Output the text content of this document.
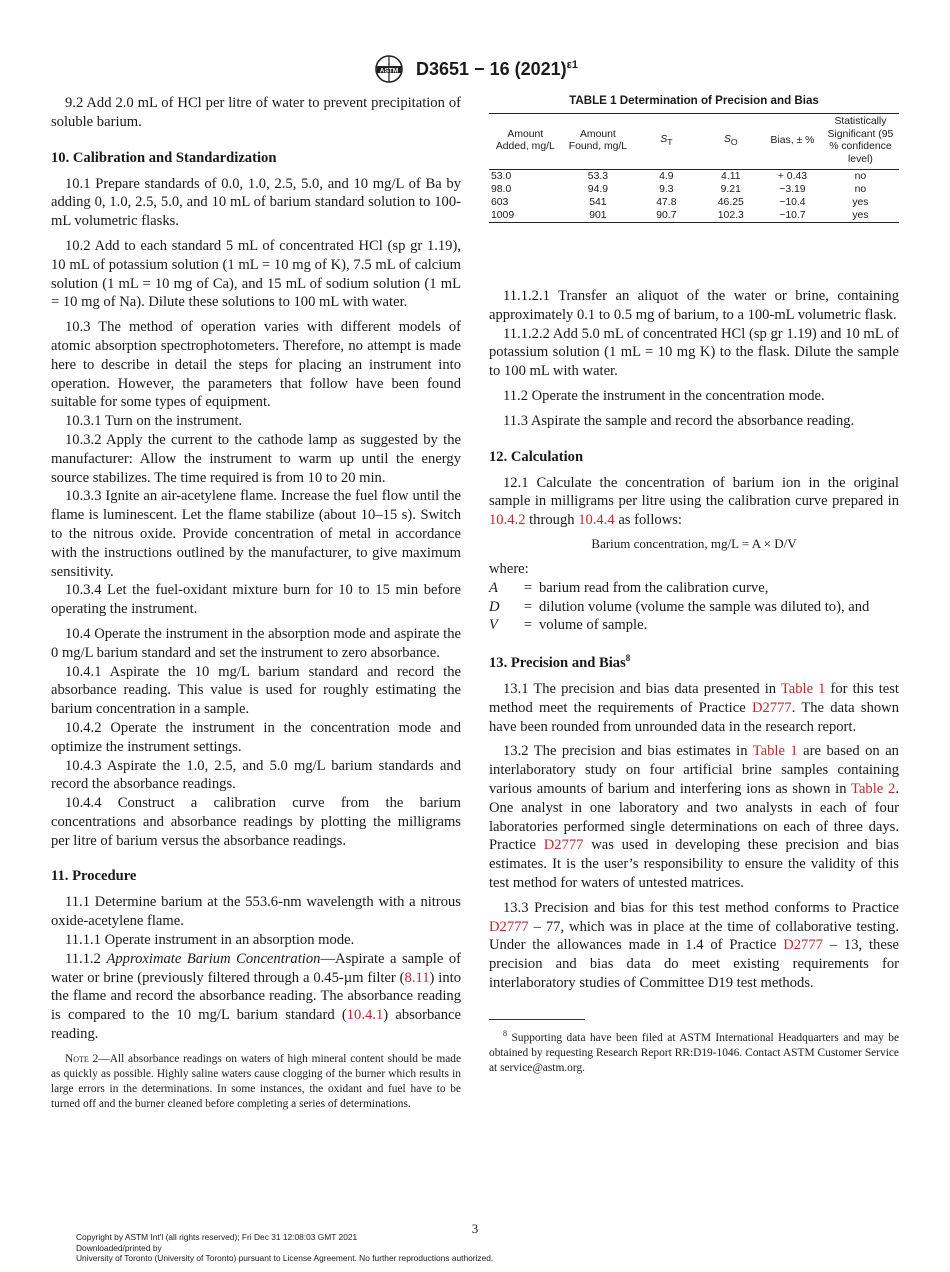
ASTM D3651 − 16 $(2021)^{\varepsilon 1}$

9.2 Add 2.0 mL of HCl per litre of water to prevent precipitation of soluble barium.

10. Calibration and Standardization

10.1 Prepare standards of 0.0, 1.0, 2.5, 5.0, and 10 mg/L of Ba by adding 0, 1.0, 2.5, 5.0, and 10 mL of barium standard solution to 100-mL volumetric flasks.

10.2 Add to each standard 5 mL of concentrated HCl (sp gr 1.19), 10 mL of potassium solution (1 mL = 10 mg of K), 7.5 mL of calcium solution (1 mL = 10 mg of Ca), and 15 mL of sodium solution (1 mL = 10 mg of Na). Dilute these solutions to 100 mL with water.

10.3 The method of operation varies with different models of atomic absorption spectrophotometers. Therefore, no attempt is made here to describe in detail the steps for placing an instrument into operation. However, the parameters that follow have been found suitable for some types of equipment.

10.3.1 Turn on the instrument.

10.3.2 Apply the current to the cathode lamp as suggested by the manufacturer: Allow the instrument to warm up until the energy source stabilizes. The time required is from 10 to 20 min.

10.3.3 Ignite an air-acetylene flame. Increase the fuel flow until the flame is luminescent. Let the flame stabilize (about 10–15 s). Switch to the nitrous oxide. Provide concentration of metal in accordance with the instructions outlined by the manufacturer, to give maximum sensitivity.

10.3.4 Let the fuel-oxidant mixture burn for 10 to 15 min before operating the instrument.

10.4 Operate the instrument in the absorption mode and aspirate the 0 mg/L barium standard and set the instrument to zero absorbance.

10.4.1 Aspirate the 10 mg/L barium standard and record the absorbance reading. This value is used for roughly estimating the barium concentration in a sample.

10.4.2 Operate the instrument in the concentration mode and optimize the instrument settings.

10.4.3 Aspirate the 1.0, 2.5, and 5.0 mg/L barium standards and record the absorbance readings.

10.4.4 Construct a calibration curve from the barium concentrations and absorbance readings by plotting the milligrams per litre of barium versus the absorbance readings.

11. Procedure

11.1 Determine barium at the 553.6-nm wavelength with a nitrous oxide-acetylene flame.

11.1.1 Operate instrument in an absorption mode.

11.1.2 Approximate Barium Concentration—Aspirate a sample of water or brine (previously filtered through a 0.45-µm filter (8.11) into the flame and record the absorbance reading. The absorbance reading is compared to the 10 mg/L barium standard (10.4.1) absorbance reading.

Note 2—All absorbance readings on waters of high mineral content should be made as quickly as possible. Highly saline waters cause clogging of the burner which results in large errors in the determinations. In some instances, the oxidant and fuel have to be turned off and the burner cleaned before completing a series of determinations.
TABLE 1 Determination of Precision and Bias
Amount Added, mg/L	Amount Found, mg/L	$S_T$	$S_O$	Bias, ± %	Statistically Significant (95 % confidence level)
53.0	53.3	4.9	4.11	+ 0.43	no
98.0	94.9	9.3	9.21	−3.19	no
603	541	47.8	46.25	−10.4	yes
1009	901	90.7	102.3	−10.7	yes

11.1.2.1 Transfer an aliquot of the water or brine, containing approximately 0.1 to 0.5 mg of barium, to a 100-mL volumetric flask.

11.1.2.2 Add 5.0 mL of concentrated HCl (sp gr 1.19) and 10 mL of potassium solution (1 mL = 10 mg K) to the flask. Dilute the sample to 100 mL with water.

11.2 Operate the instrument in the concentration mode.

11.3 Aspirate the sample and record the absorbance reading.

12. Calculation

12.1 Calculate the concentration of barium ion in the original sample in milligrams per litre using the calibration curve prepared in 10.4.2 through 10.4.4 as follows:

Barium concentration, mg/L = A × D/V
where:
A	= barium read from the calibration curve,
D	= dilution volume (volume the sample was diluted to), and
V	= volume of sample.
13. Precision and Bias$^8$

13.1 The precision and bias data presented in Table 1 for this test method meet the requirements of Practice D2777. The data shown have been rounded from unrounded data in the research report.

13.2 The precision and bias estimates in Table 1 are based on an interlaboratory study on four artificial brine samples containing various amounts of barium and interfering ions as shown in Table 2. One analyst in one laboratory and two analysts in each of four laboratories performed single determinations on each of three days. Practice D2777 was used in developing these precision and bias estimates. It is the user’s responsibility to ensure the validity of this test method for waters of untested matrices.

13.3 Precision and bias for this test method conforms to Practice D2777 – 77, which was in place at the time of collaborative testing. Under the allowances made in 1.4 of Practice D2777 – 13, these precision and bias data do meet existing requirements for interlaboratory studies of Committee D19 test methods.

$^8$ Supporting data have been filed at ASTM International Headquarters and may be obtained by requesting Research Report RR:D19-1046. Contact ASTM Customer Service at service@astm.org.
3
Copyright by ASTM Int'l (all rights reserved); Fri Dec 31 12:08:03 GMT 2021
Downloaded/printed by
University of Toronto (University of Toronto) pursuant to License Agreement. No further reproductions authorized.
